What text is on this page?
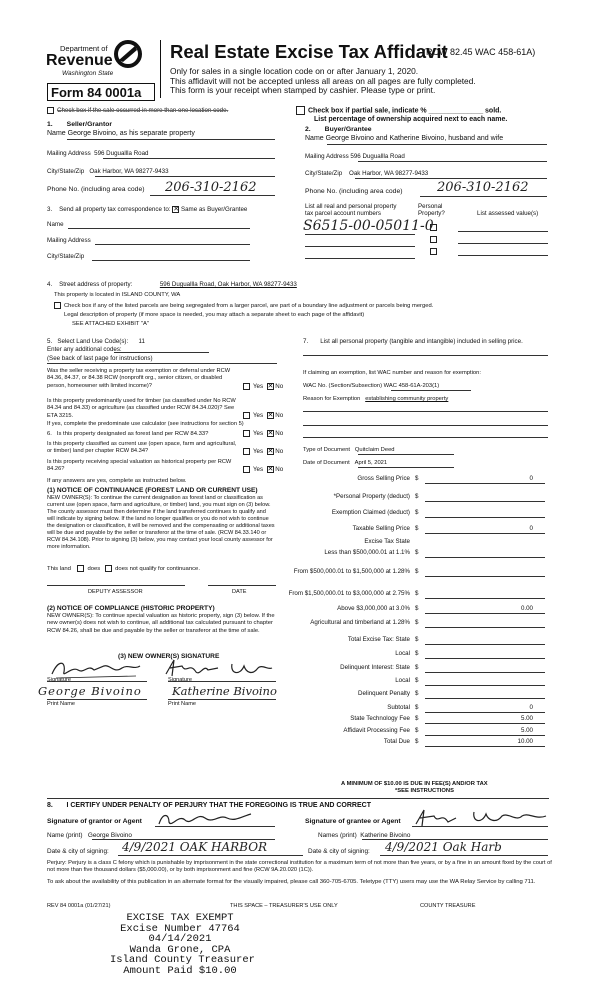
Department of
Revenue
Washington State
Form 84 0001a
Real Estate Excise Tax Affidavit
(RCW 82.45 WAC 458-61A)
Only for sales in a single location code on or after January 1, 2020.
This affidavit will not be accepted unless all areas on all pages are fully completed.
This form is your receipt when stamped by cashier. Please type or print.
Check box if the sale occurred in more than one location code.	Check box if partial sale, indicate % ______________ sold.
List percentage of ownership acquired next to each name.
1. Seller/Grantor
Name George Bivoino, as his separate property
Mailing Address 596 Duguallla Road
City/State/Zip Oak Harbor, WA 98277-9433
Phone No. (including area code) 206-310-2162
2. Buyer/Grantee
Name George Bivoino and Katherine Bivoino, husband and wife
Mailing Address 596 Duguallla Road
City/State/Zip Oak Harbor, WA 98277-9433
Phone No. (including area code)	206-310-2162
3. Send all property tax correspondence to: ✕ Same as Buyer/Grantee
Name
Mailing Address
City/State/Zip
List all real and personal property
tax parcel account numbers
Personal
Property?	List assessed value(s)
S6515-00-05011-0
4. Street address of property:	596 Duguallla Road, Oak Harbor, WA 98277-9433
This property is located in ISLAND COUNTY, WA
Check box if any of the listed parcels are being segregated from a larger parcel, are part of a boundary line adjustment or parcels being merged.
Legal description of property (if more space is needed, you may attach a separate sheet to each page of the affidavit)
SEE ATTACHED EXHIBIT "A"
5. Select Land Use Code(s): 11
Enter any additional codes:
(See back of last page for instructions)
Was the seller receiving a property tax exemption or deferral under RCW 84.36, 84.37, or 84.38 RCW (nonprofit org., senior citizen, or disabled person, homeowner with limited income)?	Yes ✕ No
Is this property predominantly used for timber (as classified under No RCW 84.34 and 84.33) or agriculture (as classified under RCW 84.34.020)? See ETA 3215.	Yes ✕ No
If yes, complete the predominate use calculator (see instructions for section 5)
6. Is this property designated as forest land per RCW 84.33?	Yes ✕ No
Is this property classified as current use (open space, farm and agricultural, or timber) land per chapter RCW 84.34?	Yes ✕ No
Is this property receiving special valuation as historical property per RCW 84.26?	Yes ✕ No
If any answers are yes, complete as instructed below.
(1) NOTICE OF CONTINUANCE (FOREST LAND OR CURRENT USE)
NEW OWNER(S): To continue the current designation as forest land or classification as current use (open space, farm and agriculture, or timber) land, you must sign on (3) below. The county assessor must then determine if the land transferred continues to qualify and will indicate by signing below. If the land no longer qualifies or you do not wish to continue the designation or classification, it will be removed and the compensating or additional taxes will be due and payable by the seller or transferor at the time of sale. (RCW 84.33.140 or RCW 84.34.108). Prior to signing (3) below, you may contact your local county assessor for more information.
This land	does	does not qualify for continuance.
DEPUTY ASSESSOR	DATE
(2) NOTICE OF COMPLIANCE (HISTORIC PROPERTY)
NEW OWNER(S): To continue special valuation as historic property, sign (3) below. If the new owner(s) does not wish to continue, all additional tax calculated pursuant to chapter RCW 84.26, shall be due and payable by the seller or transferor at the time of sale.
(3) NEW OWNER(S) SIGNATURE
Signature	Signature
George Bivoino	Katherine Bivoino
Print Name	Print Name
7. List all personal property (tangible and intangible) included in selling price.
If claiming an exemption, list WAC number and reason for exemption:
WAC No. (Section/Subsection) WAC 458-61A-203(1)
Reason for Exemption establishing community property
Type of Document Quitclaim Deed
Date of Document April 5, 2021
Gross Selling Price $	0
*Personal Property (deduct) $
Exemption Claimed (deduct) $
Taxable Selling Price $	0
Excise Tax State
Less than $500,000.01 at 1.1% $
From $500,000.01 to $1,500,000 at 1.28% $
From $1,500,000.01 to $3,000,000 at 2.75% $
Above $3,000,000 at 3.0% $	0.00
Agricultural and timberland at 1.28% $
Total Excise Tax: State $
Local $
Delinquent Interest: State $
Local $
Delinquent Penalty $
Subtotal $	0
State Technology Fee $	5.00
Affidavit Processing Fee $	5.00
Total Due $	10.00
A MINIMUM OF $10.00 IS DUE IN FEE(S) AND/OR TAX
*SEE INSTRUCTIONS
8. I CERTIFY UNDER PENALTY OF PERJURY THAT THE FOREGOING IS TRUE AND CORRECT
Signature of grantor or Agent	Signature of grantee or Agent
Name (print) George Bivoino	Names (print) Katherine Bivoino
Date & city of signing: 4/9/2021 OAK HARBOR	Date & city of signing: 4/9/2021 Oak Harb
Perjury: Perjury is a class C felony which is punishable by imprisonment in the state correctional institution for a maximum term of not more than five years, or by a fine in an amount fixed by the court of not more than five thousand dollars ($5,000.00), or by both imprisonment and fine (RCW 9A.20.020 (1C)).
To ask about the availability of this publication in an alternate format for the visually impaired, please call 360-705-6705. Teletype (TTY) users may use the WA Relay Service by calling 711.
REV 84 0001a (01/27/21)	THIS SPACE – TREASURER'S USE ONLY	COUNTY TREASURE
EXCISE TAX EXEMPT
Excise Number 47764
04/14/2021
Wanda Grone, CPA
Island County Treasurer
Amount Paid $10.00
